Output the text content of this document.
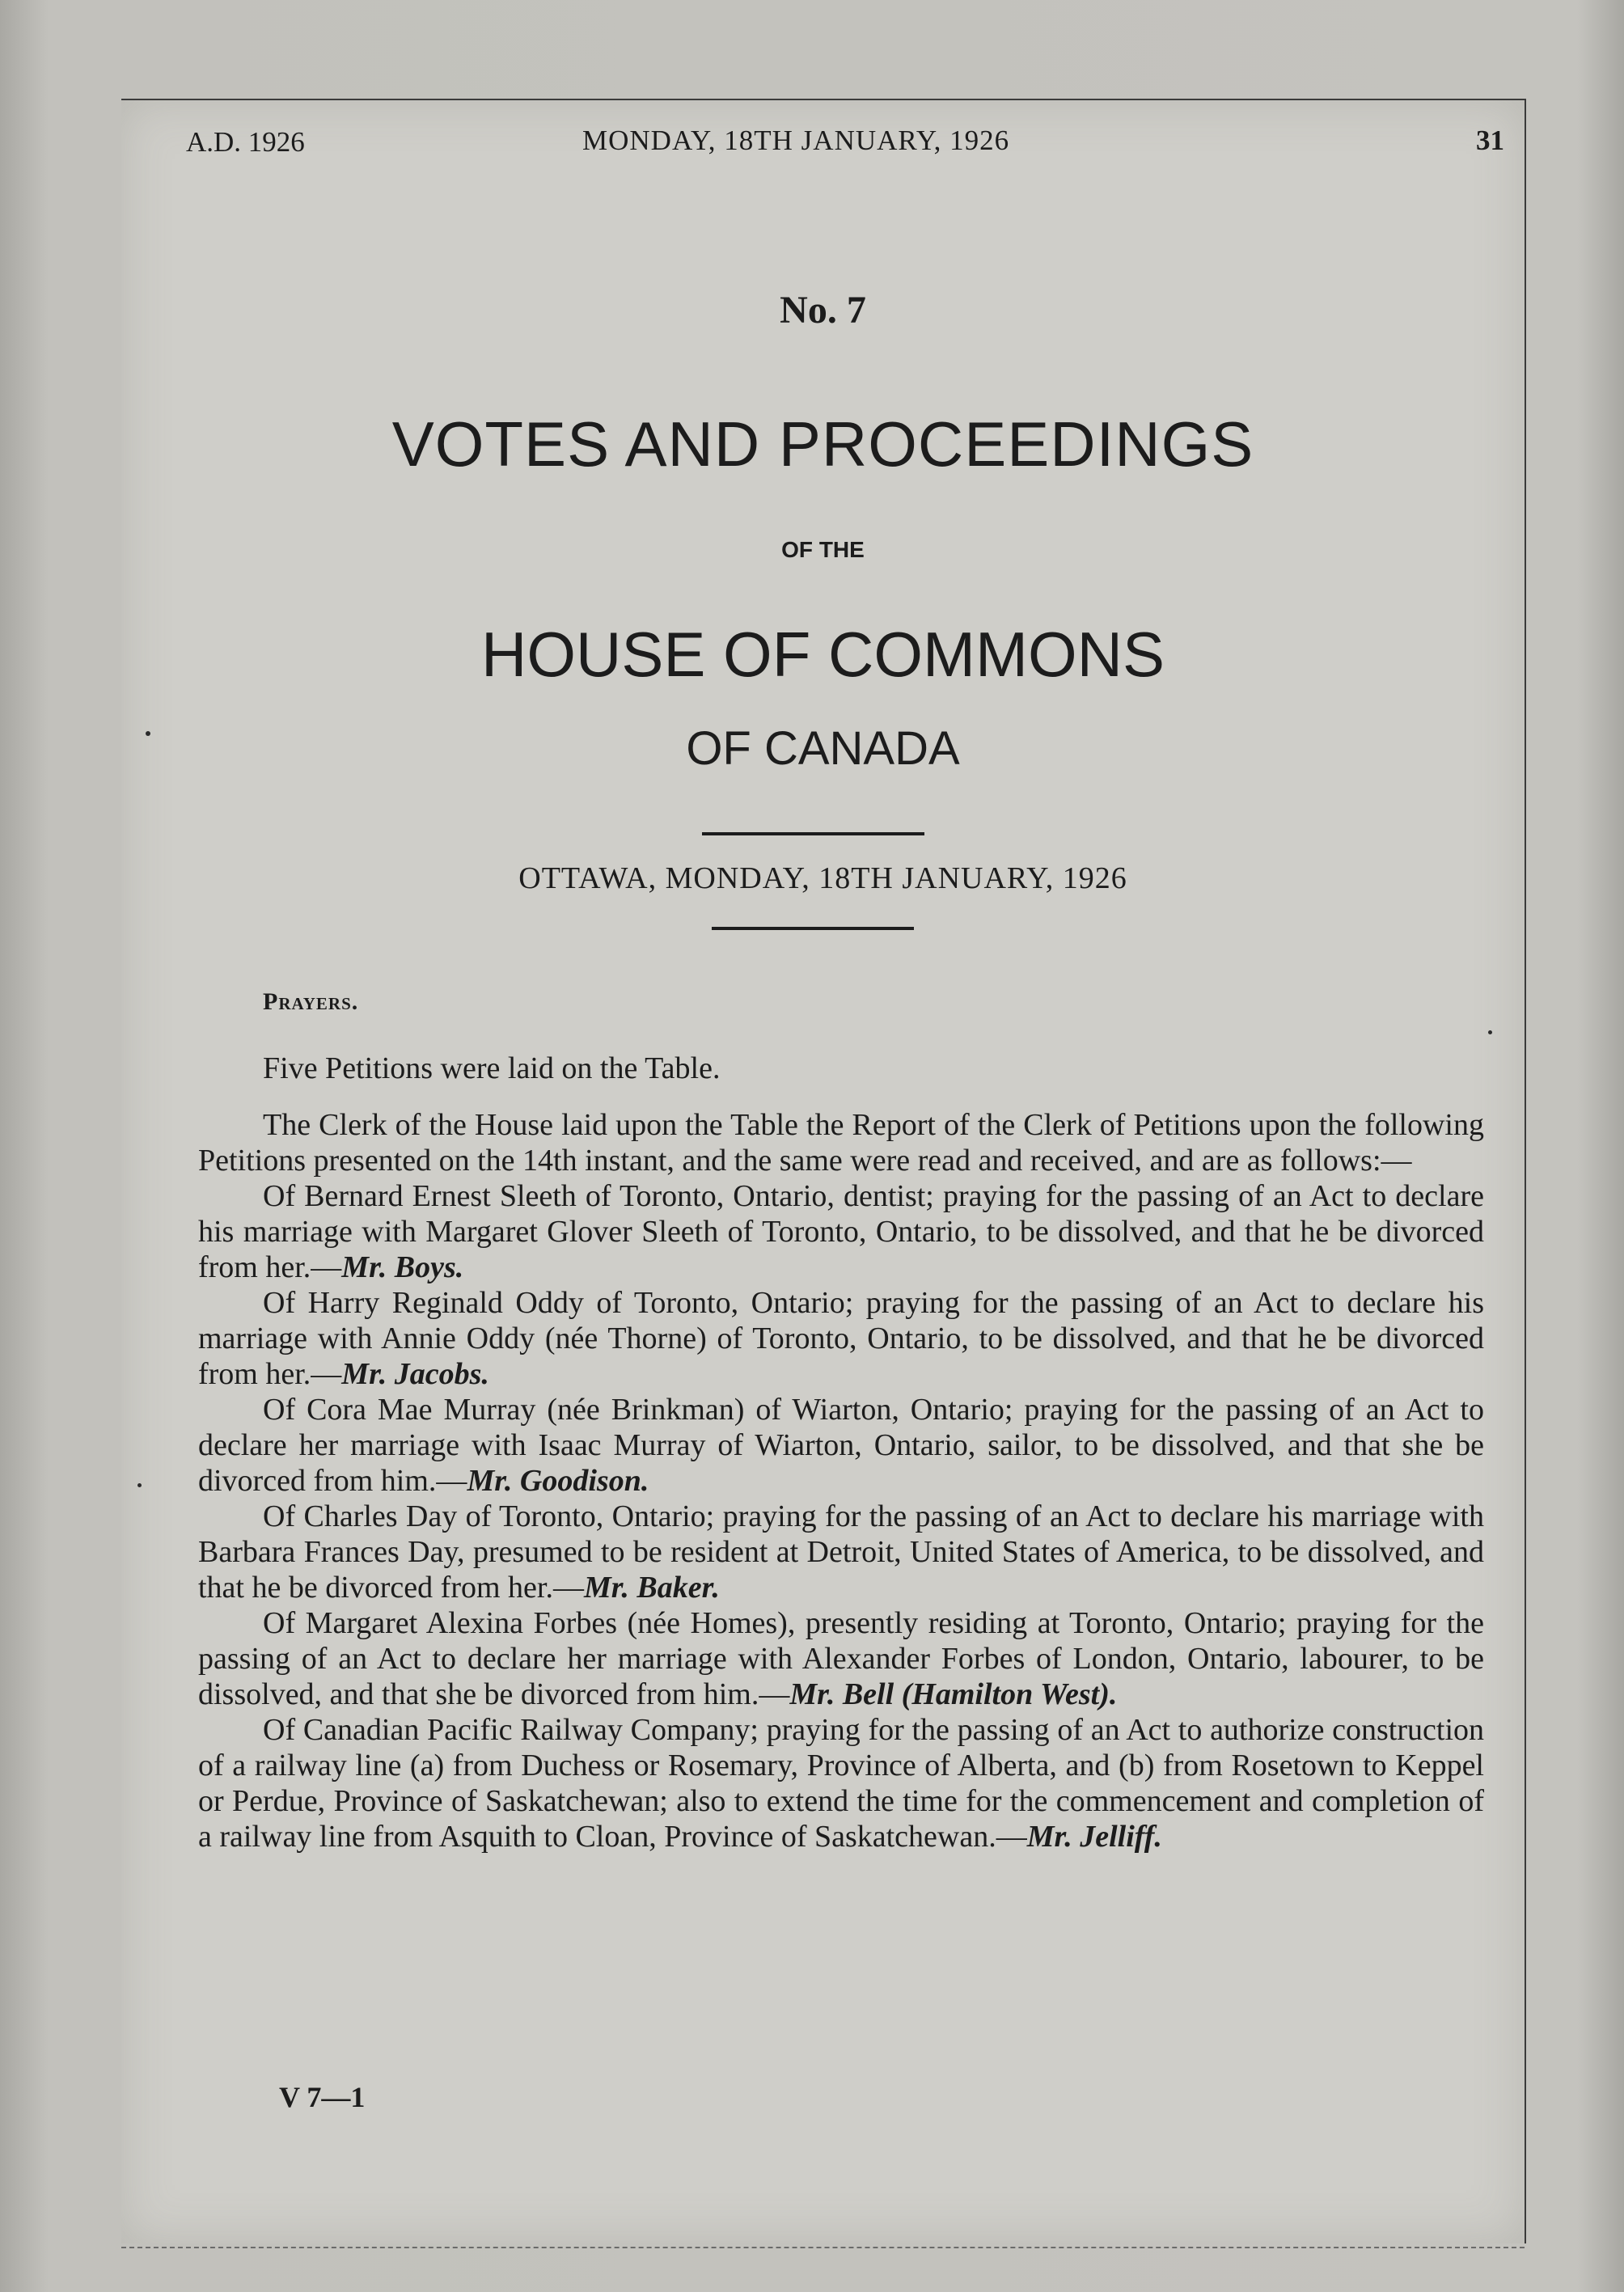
A.D. 1926	MONDAY, 18TH JANUARY, 1926	31
No. 7
VOTES AND PROCEEDINGS
OF THE
HOUSE OF COMMONS
OF CANADA
OTTAWA, MONDAY, 18TH JANUARY, 1926
Prayers.
Five Petitions were laid on the Table.

The Clerk of the House laid upon the Table the Report of the Clerk of Petitions upon the following Petitions presented on the 14th instant, and the same were read and received, and are as follows:—

Of Bernard Ernest Sleeth of Toronto, Ontario, dentist; praying for the passing of an Act to declare his marriage with Margaret Glover Sleeth of Toronto, Ontario, to be dissolved, and that he be divorced from her.—Mr. Boys.

Of Harry Reginald Oddy of Toronto, Ontario; praying for the passing of an Act to declare his marriage with Annie Oddy (née Thorne) of Toronto, Ontario, to be dissolved, and that he be divorced from her.—Mr. Jacobs.

Of Cora Mae Murray (née Brinkman) of Wiarton, Ontario; praying for the passing of an Act to declare her marriage with Isaac Murray of Wiarton, Ontario, sailor, to be dissolved, and that she be divorced from him.—Mr. Goodison.

Of Charles Day of Toronto, Ontario; praying for the passing of an Act to declare his marriage with Barbara Frances Day, presumed to be resident at Detroit, United States of America, to be dissolved, and that he be divorced from her.—Mr. Baker.

Of Margaret Alexina Forbes (née Homes), presently residing at Toronto, Ontario; praying for the passing of an Act to declare her marriage with Alexander Forbes of London, Ontario, labourer, to be dissolved, and that she be divorced from him.—Mr. Bell (Hamilton West).

Of Canadian Pacific Railway Company; praying for the passing of an Act to authorize construction of a railway line (a) from Duchess or Rosemary, Province of Alberta, and (b) from Rosetown to Keppel or Perdue, Province of Saskatchewan; also to extend the time for the commencement and completion of a railway line from Asquith to Cloan, Province of Saskatchewan.—Mr. Jelliff.

V 7—1
